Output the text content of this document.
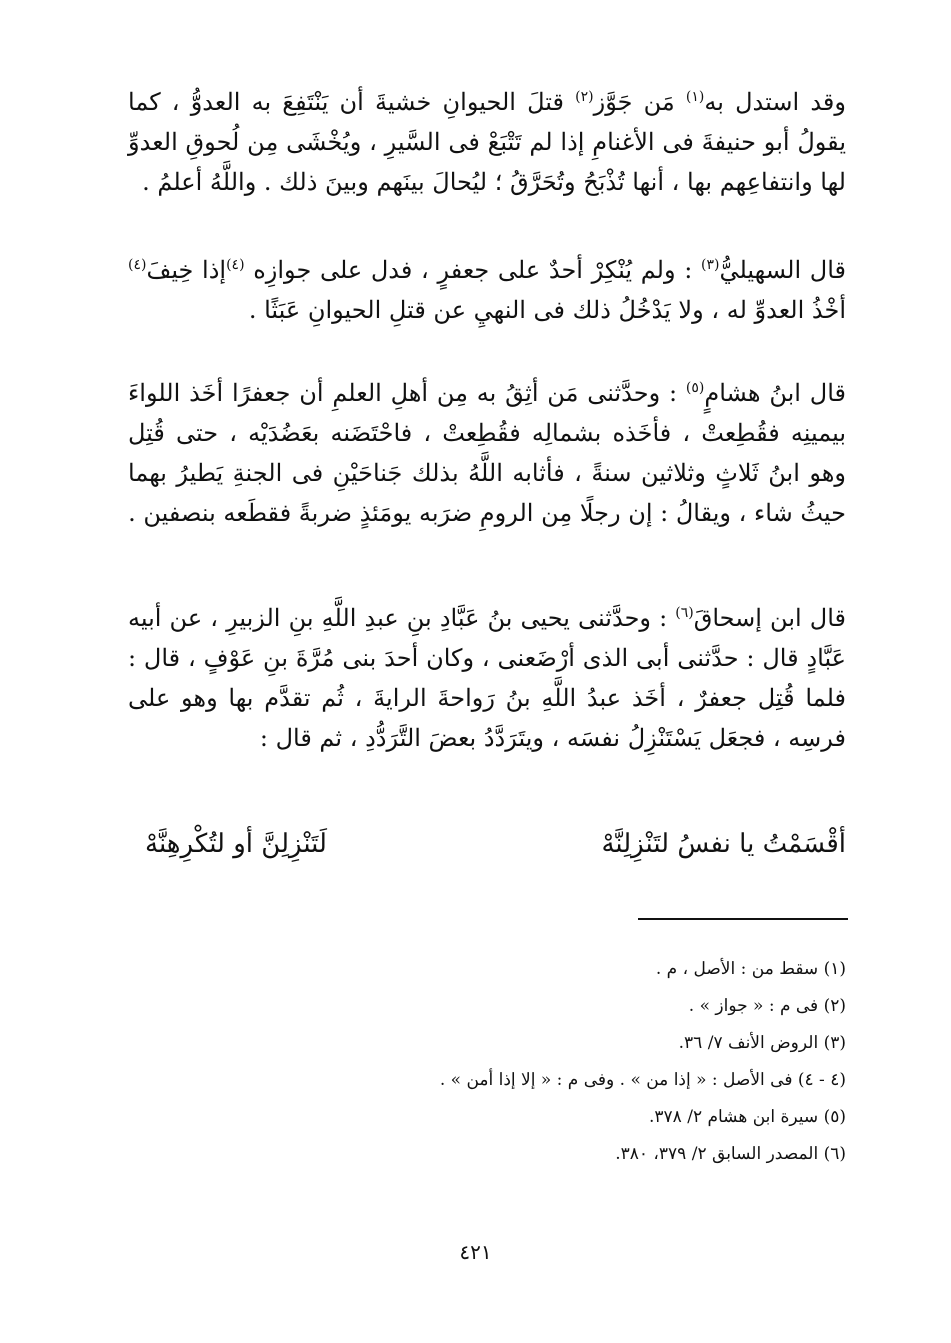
وقد استدل به$^{(١)}$ مَن جَوَّز$^{(٢)}$ قتلَ الحيوانِ خشيةَ أن يَنْتَفِعَ به العدوُّ ، كما يقولُ أبو حنيفةَ فى الأغنامِ إذا لم تَتْبَعْ فى السَّيرِ ، ويُخْشَى مِن لُحوقِ العدوِّ لها وانتفاعِهم بها ، أنها تُذْبَحُ وتُحَرَّقُ ؛ ليُحالَ بينَهم وبينَ ذلك . واللَّهُ أعلمُ .

قال السهيليُّ$^{(٣)}$ : ولم يُنْكِرْ أحدٌ على جعفرٍ ، فدل على جوازِه $^{(٤)}$إذا خِيفَ$^{(٤)}$ أخْذُ العدوِّ له ، ولا يَدْخُلُ ذلك فى النهيِ عن قتلِ الحيوانِ عَبَثًا .

قال ابنُ هشامٍ$^{(٥)}$ : وحدَّثنى مَن أثِقُ به مِن أهلِ العلمِ أن جعفرًا أخَذ اللواءَ بيمينِه فقُطِعتْ ، فأخَذه بشمالِه فقُطِعتْ ، فاحْتَضَنه بعَضُدَيْه ، حتى قُتِل وهو ابنُ ثَلاثٍ وثلاثين سنةً ، فأثابه اللَّهُ بذلك جَناحَيْنِ فى الجنةِ يَطيرُ بهما حيثُ شاء ، ويقالُ : إن رجلًا مِن الرومِ ضرَبه يومَئذٍ ضربةً فقطَعه بنصفين .

قال ابن إسحاقَ$^{(٦)}$ : وحدَّثنى يحيى بنُ عَبَّادِ بنِ عبدِ اللَّهِ بنِ الزبيرِ ، عن أبيه عَبَّادٍ قال : حدَّثنى أبى الذى أرْضَعنى ، وكان أحدَ بنى مُرَّةَ بنِ عَوْفٍ ، قال : فلما قُتِل جعفرٌ ، أخَذ عبدُ اللَّهِ بنُ رَواحةَ الرايةَ ، ثُم تقدَّم بها وهو على فرسِه ، فجعَل يَسْتَنْزِلُ نفسَه ، ويتَرَدَّدُ بعضَ التَّرَدُّدِ ، ثم قال :

أقْسَمْتُ يا نفسُ لتَنْزِلِنَّهْ
لَتَنْزِلِنَّ أو لتُكْرِهِنَّهْ
(١) سقط من : الأصل ، م .
(٢) فى م : « جواز » .
(٣) الروض الأنف ٧/ ٣٦.
(٤ - ٤) فى الأصل : « إذا من » . وفى م : « إلا إذا أمن » .
(٥) سيرة ابن هشام ٢/ ٣٧٨.
(٦) المصدر السابق ٢/ ٣٧٩، ٣٨٠.
٤٢١
